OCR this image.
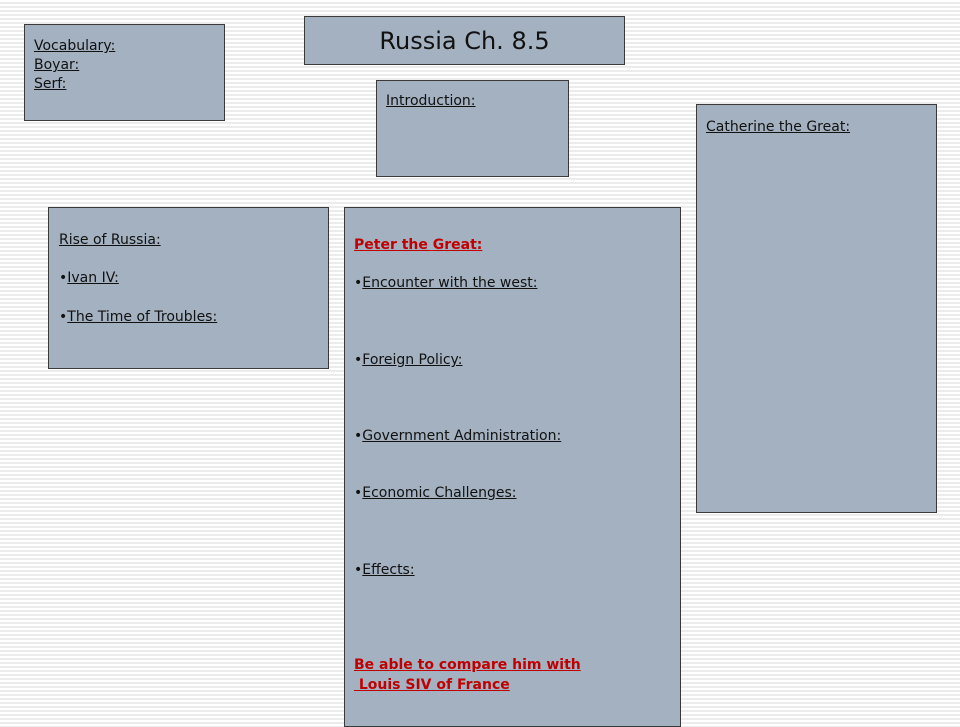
Russia Ch. 8.5
Vocabulary:
Boyar:
Serf:
Introduction:
Catherine the Great:
Rise of Russia:
•Ivan IV:
•The Time of Troubles:
Peter the Great:
•Encounter with the west:
•Foreign Policy:
•Government Administration:
•Economic Challenges:
•Effects:
Be able to compare him with
Louis SIV of France
